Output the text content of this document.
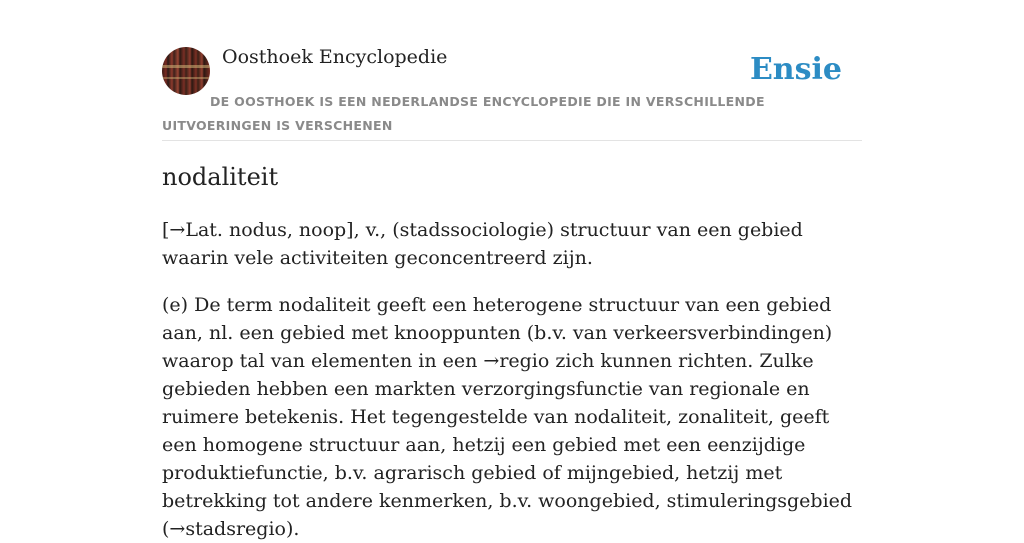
Oosthoek Encyclopedie	Ensie
DE OOSTHOEK IS EEN NEDERLANDSE ENCYCLOPEDIE DIE IN VERSCHILLENDE UITVOERINGEN IS VERSCHENEN
nodaliteit

[→Lat. nodus, noop], v., (stadssociologie) structuur van een gebied waarin vele activiteiten geconcentreerd zijn.

(e) De term nodaliteit geeft een heterogene structuur van een gebied aan, nl. een gebied met knooppunten (b.v. van verkeersverbindingen) waarop tal van elementen in een →regio zich kunnen richten. Zulke gebieden hebben een markten verzorgingsfunctie van regionale en ruimere betekenis. Het tegengestelde van nodaliteit, zonaliteit, geeft een homogene structuur aan, hetzij een gebied met een eenzijdige produktiefunctie, b.v. agrarisch gebied of mijngebied, hetzij met betrekking tot andere kenmerken, b.v. woongebied, stimuleringsgebied (→stadsregio).
